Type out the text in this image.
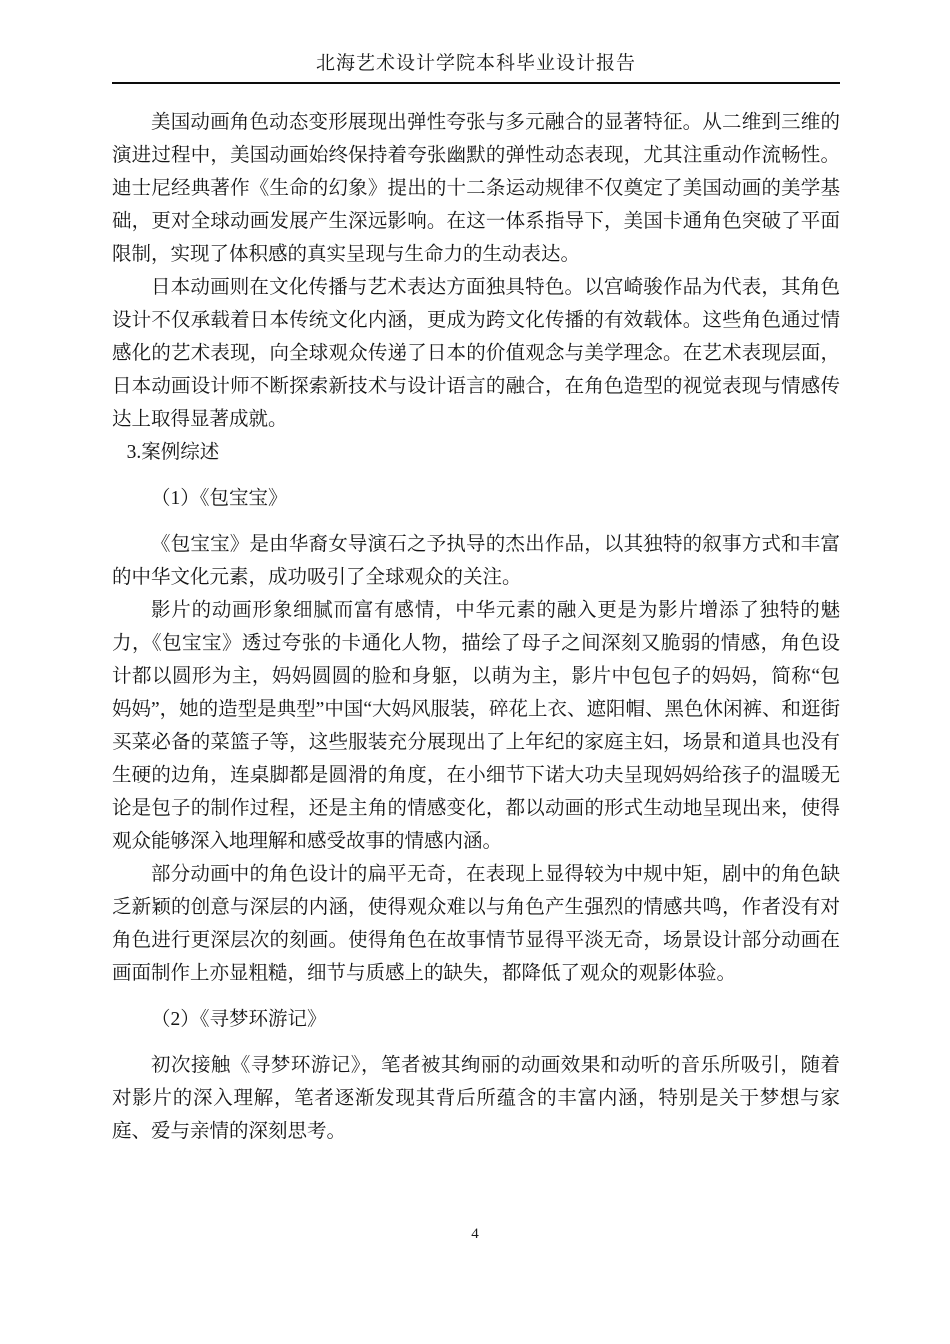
北海艺术设计学院本科毕业设计报告

美国动画角色动态变形展现出弹性夸张与多元融合的显著特征。从二维到三维的演进过程中，美国动画始终保持着夸张幽默的弹性动态表现，尤其注重动作流畅性。迪士尼经典著作《生命的幻象》提出的十二条运动规律不仅奠定了美国动画的美学基础，更对全球动画发展产生深远影响。在这一体系指导下，美国卡通角色突破了平面限制，实现了体积感的真实呈现与生命力的生动表达。

日本动画则在文化传播与艺术表达方面独具特色。以宫崎骏作品为代表，其角色设计不仅承载着日本传统文化内涵，更成为跨文化传播的有效载体。这些角色通过情感化的艺术表现，向全球观众传递了日本的价值观念与美学理念。在艺术表现层面，日本动画设计师不断探索新技术与设计语言的融合，在角色造型的视觉表现与情感传达上取得显著成就。

3.案例综述

（1）《包宝宝》

《包宝宝》是由华裔女导演石之予执导的杰出作品，以其独特的叙事方式和丰富的中华文化元素，成功吸引了全球观众的关注。

影片的动画形象细腻而富有感情，中华元素的融入更是为影片增添了独特的魅力，《包宝宝》透过夸张的卡通化人物，描绘了母子之间深刻又脆弱的情感，角色设计都以圆形为主，妈妈圆圆的脸和身躯，以萌为主，影片中包包子的妈妈，简称“包妈妈”，她的造型是典型”中国“大妈风服装，碎花上衣、遮阳帽、黑色休闲裤、和逛街买菜必备的菜篮子等，这些服装充分展现出了上年纪的家庭主妇，场景和道具也没有生硬的边角，连桌脚都是圆滑的角度，在小细节下诺大功夫呈现妈妈给孩子的温暖无论是包子的制作过程，还是主角的情感变化，都以动画的形式生动地呈现出来，使得观众能够深入地理解和感受故事的情感内涵。

部分动画中的角色设计的扁平无奇，在表现上显得较为中规中矩，剧中的角色缺乏新颖的创意与深层的内涵，使得观众难以与角色产生强烈的情感共鸣，作者没有对角色进行更深层次的刻画。使得角色在故事情节显得平淡无奇，场景设计部分动画在画面制作上亦显粗糙，细节与质感上的缺失，都降低了观众的观影体验。

（2）《寻梦环游记》

初次接触《寻梦环游记》，笔者被其绚丽的动画效果和动听的音乐所吸引，随着对影片的深入理解，笔者逐渐发现其背后所蕴含的丰富内涵，特别是关于梦想与家庭、爱与亲情的深刻思考。

4
